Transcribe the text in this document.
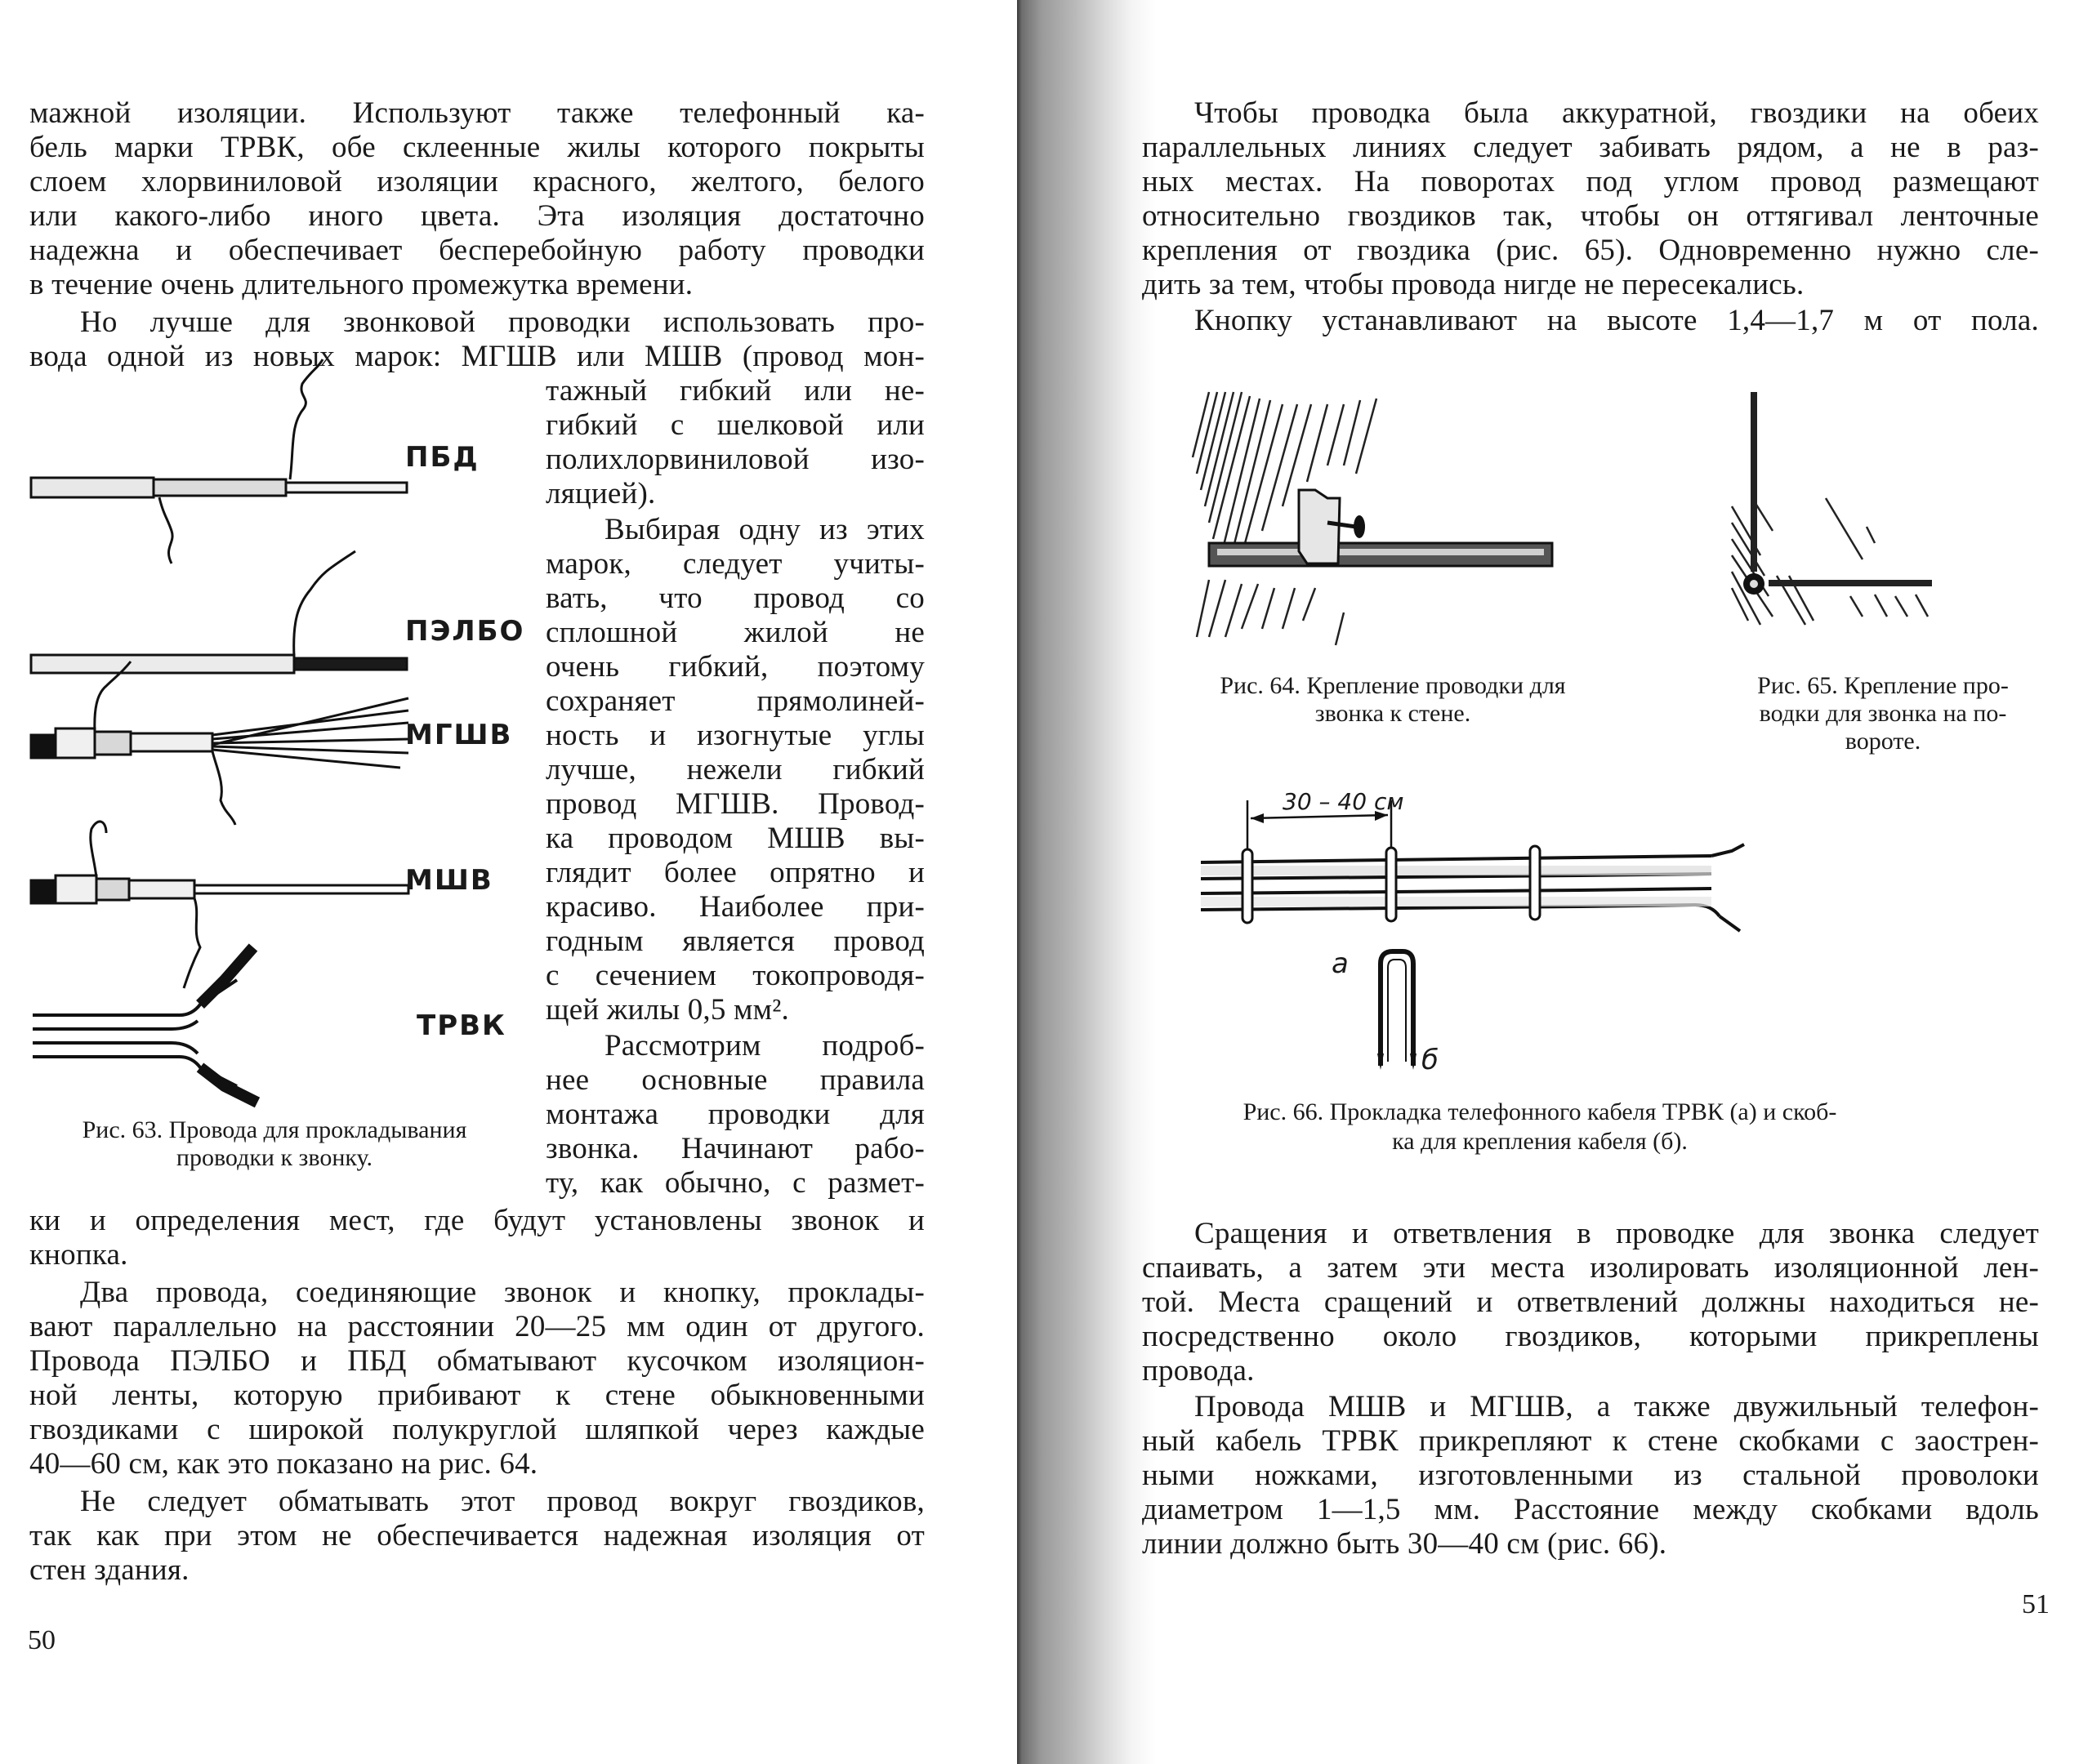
мажной изоляции. Используют также телефонный ка-
бель марки ТРВК, обе склеенные жилы которого покрыты
слоем хлорвиниловой изоляции красного, желтого, белого
или какого-либо иного цвета. Эта изоляция достаточно
надежна и обеспечивает бесперебойную работу проводки
в течение очень длительного промежутка времени.
Но лучше для звонковой проводки использовать про-
вода одной из новых марок: МГШВ или МШВ (провод мон-
тажный гибкий или не-
гибкий с шелковой или
полихлорвиниловой изо-
ляцией).
Выбирая одну из этих
марок, следует учиты-
вать, что провод со
сплошной жилой не
очень гибкий, поэтому
сохраняет прямолиней-
ность и изогнутые углы
лучше, нежели гибкий
провод МГШВ. Провод-
ка проводом МШВ вы-
глядит более опрятно и
красиво. Наиболее при-
годным является провод
с сечением токопроводя-
щей жилы 0,5 мм².
Рассмотрим подроб-
нее основные правила
монтажа проводки для
звонка. Начинают рабо-
ту, как обычно, с размет-
ки и определения мест, где будут установлены звонок и
кнопка.
Два провода, соединяющие звонок и кнопку, проклады-
вают параллельно на расстоянии 20—25 мм один от другого.
Провода ПЭЛБО и ПБД обматывают кусочком изоляцион-
ной ленты, которую прибивают к стене обыкновенными
гвоздиками с широкой полукруглой шляпкой через каждые
40—60 см, как это показано на рис. 64.
Не следует обматывать этот провод вокруг гвоздиков,
так как при этом не обеспечивается надежная изоляция от
стен здания.
ПБД
ПЭЛБО
МГШВ
МШВ
ТРВК
Рис. 63. Провода для прокладывания
проводки к звонку.
50
Чтобы проводка была аккуратной, гвоздики на обеих
параллельных линиях следует забивать рядом, а не в раз-
ных местах. На поворотах под углом провод размещают
относительно гвоздиков так, чтобы он оттягивал ленточные
крепления от гвоздика (рис. 65). Одновременно нужно сле-
дить за тем, чтобы провода нигде не пересекались.
Кнопку устанавливают на высоте 1,4—1,7 м от пола.
Рис. 64. Крепление проводки для
звонка к стене.
Рис. 65. Крепление про-
водки для звонка на по-
вороте.
30 – 40 см
а
б
Рис. 66. Прокладка телефонного кабеля ТРВК (а) и скоб-
ка для крепления кабеля (б).
Сращения и ответвления в проводке для звонка следует
спаивать, а затем эти места изолировать изоляционной лен-
той. Места сращений и ответвлений должны находиться не-
посредственно около гвоздиков, которыми прикреплены
провода.
Провода МШВ и МГШВ, а также двужильный телефон-
ный кабель ТРВК прикрепляют к стене скобками с заострен-
ными ножками, изготовленными из стальной проволоки
диаметром 1—1,5 мм. Расстояние между скобками вдоль
линии должно быть 30—40 см (рис. 66).
51
